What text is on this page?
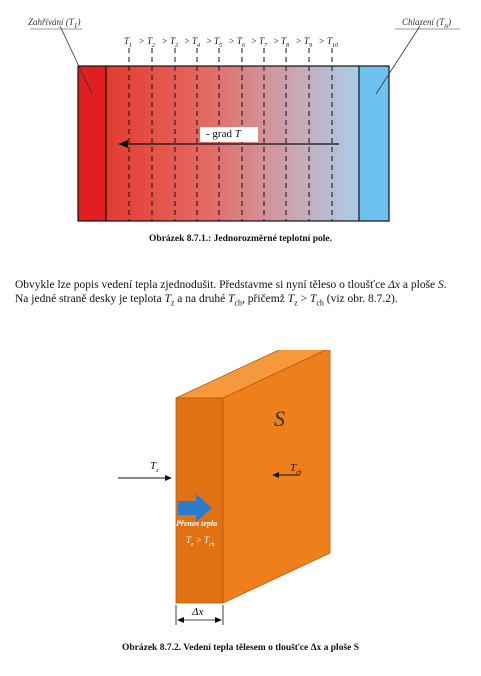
Zahřívání $(T_1)$	Chlazení $(T_n)$
$T_1 > T_2 > T_3 > T_4 > T_5 > T_6 > T_7 > T_8 > T_9 > T_{10}$
- grad T
Obrázek 8.7.1.: Jednorozměrné teplotní pole.
Obvykle lze popis vedení tepla zjednodušit. Představme si nyní těleso o tloušťce Δx a ploše S.
Na jedné straně desky je teplota $T_z$ a na druhé $T_{ch}$, přičemž $T_z > T_{ch}$ (viz obr. 8.7.2).
S
$T_z$	$T_{ch}$
Přenos tepla
$T_z > T_{ch}$
Δx
Obrázek 8.7.2. Vedení tepla tělesem o tloušťce Δx a ploše S
